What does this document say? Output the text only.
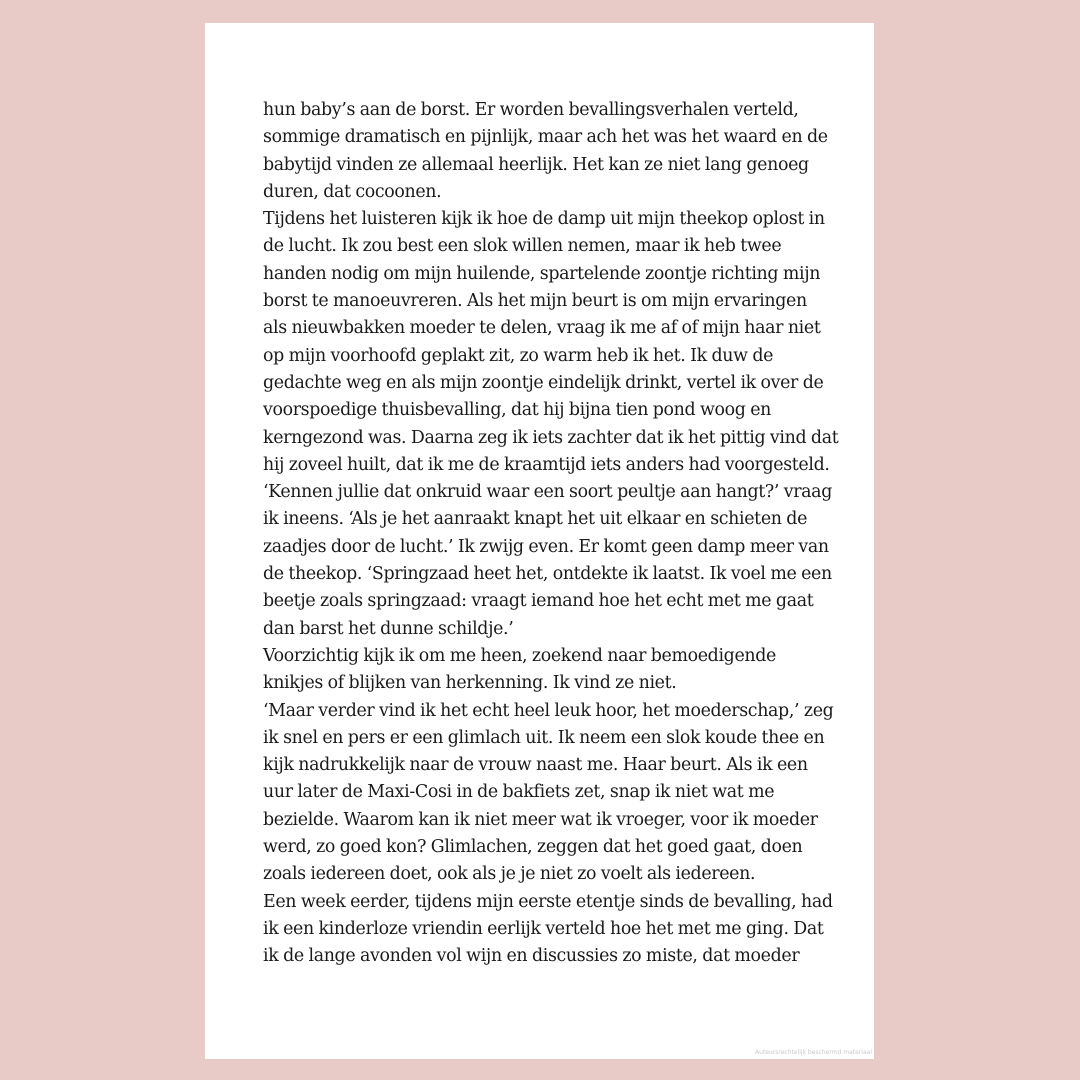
hun baby’s aan de borst. Er worden bevallingsverhalen verteld,
sommige dramatisch en pijnlijk, maar ach het was het waard en de
babytijd vinden ze allemaal heerlijk. Het kan ze niet lang genoeg
duren, dat cocoonen.
Tijdens het luisteren kijk ik hoe de damp uit mijn theekop oplost in
de lucht. Ik zou best een slok willen nemen, maar ik heb twee
handen nodig om mijn huilende, spartelende zoontje richting mijn
borst te manoeuvreren. Als het mijn beurt is om mijn ervaringen
als nieuwbakken moeder te delen, vraag ik me af of mijn haar niet
op mijn voorhoofd geplakt zit, zo warm heb ik het. Ik duw de
gedachte weg en als mijn zoontje eindelijk drinkt, vertel ik over de
voorspoedige thuisbevalling, dat hij bijna tien pond woog en
kerngezond was. Daarna zeg ik iets zachter dat ik het pittig vind dat
hij zoveel huilt, dat ik me de kraamtijd iets anders had voorgesteld.
‘Kennen jullie dat onkruid waar een soort peultje aan hangt?’ vraag
ik ineens. ‘Als je het aanraakt knapt het uit elkaar en schieten de
zaadjes door de lucht.’ Ik zwijg even. Er komt geen damp meer van
de theekop. ‘Springzaad heet het, ontdekte ik laatst. Ik voel me een
beetje zoals springzaad: vraagt iemand hoe het echt met me gaat
dan barst het dunne schildje.’
Voorzichtig kijk ik om me heen, zoekend naar bemoedigende
knikjes of blijken van herkenning. Ik vind ze niet.
‘Maar verder vind ik het echt heel leuk hoor, het moederschap,’ zeg
ik snel en pers er een glimlach uit. Ik neem een slok koude thee en
kijk nadrukkelijk naar de vrouw naast me. Haar beurt. Als ik een
uur later de Maxi-Cosi in de bakfiets zet, snap ik niet wat me
bezielde. Waarom kan ik niet meer wat ik vroeger, voor ik moeder
werd, zo goed kon? Glimlachen, zeggen dat het goed gaat, doen
zoals iedereen doet, ook als je je niet zo voelt als iedereen.
Een week eerder, tijdens mijn eerste etentje sinds de bevalling, had
ik een kinderloze vriendin eerlijk verteld hoe het met me ging. Dat
ik de lange avonden vol wijn en discussies zo miste, dat moeder
Auteursrechtelijk beschermd materiaal
